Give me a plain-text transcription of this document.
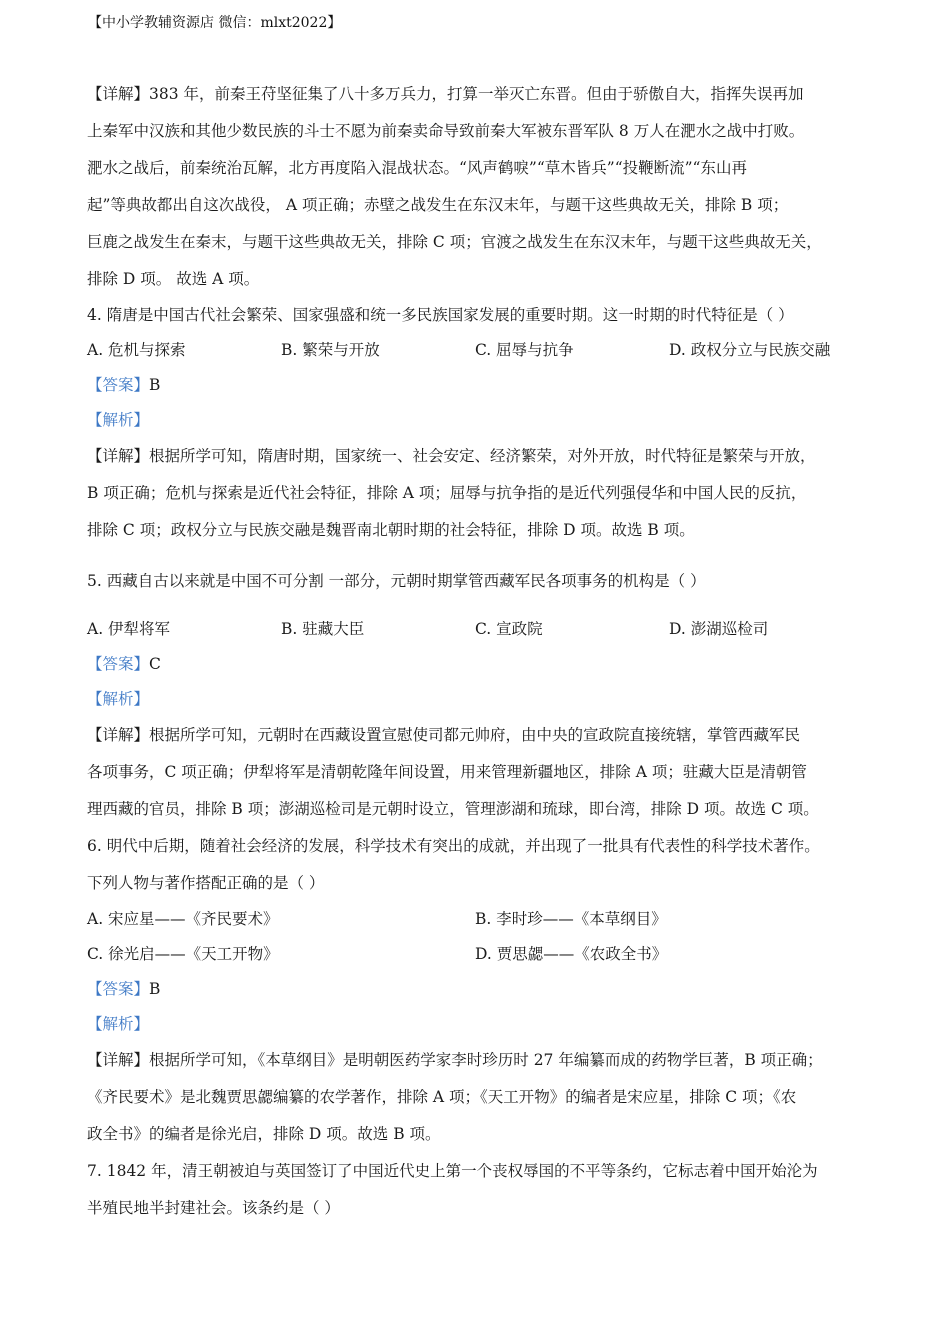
【中小学教辅资源店 微信：mlxt2022】
【详解】383 年，前秦王苻坚征集了八十多万兵力，打算一举灭亡东晋。但由于骄傲自大，指挥失误再加
上秦军中汉族和其他少数民族的斗士不愿为前秦卖命导致前秦大军被东晋军队 8 万人在淝水之战中打败。
淝水之战后，前秦统治瓦解，北方再度陷入混战状态。“风声鹤唳”“草木皆兵”“投鞭断流”“东山再
起”等典故都出自这次战役， A 项正确；赤壁之战发生在东汉末年，与题干这些典故无关，排除 B 项；
巨鹿之战发生在秦末，与题干这些典故无关，排除 C 项；官渡之战发生在东汉末年，与题干这些典故无关，
排除 D 项。 故选 A 项。
4. 隋唐是中国古代社会繁荣、国家强盛和统一多民族国家发展的重要时期。这一时期的时代特征是（ ）
A. 危机与探索	B. 繁荣与开放	C. 屈辱与抗争	D. 政权分立与民族交融
【答案】B
【解析】
【详解】根据所学可知，隋唐时期，国家统一、社会安定、经济繁荣，对外开放，时代特征是繁荣与开放，
B 项正确；危机与探索是近代社会特征，排除 A 项；屈辱与抗争指的是近代列强侵华和中国人民的反抗，
排除 C 项；政权分立与民族交融是魏晋南北朝时期的社会特征，排除 D 项。故选 B 项。
5. 西藏自古以来就是中国不可分割 一部分，元朝时期掌管西藏军民各项事务的机构是（ ）
A. 伊犁将军	B. 驻藏大臣	C. 宣政院	D. 澎湖巡检司
【答案】C
【解析】
【详解】根据所学可知，元朝时在西藏设置宣慰使司都元帅府，由中央的宣政院直接统辖，掌管西藏军民
各项事务，C 项正确；伊犁将军是清朝乾隆年间设置，用来管理新疆地区，排除 A 项；驻藏大臣是清朝管
理西藏的官员，排除 B 项；澎湖巡检司是元朝时设立，管理澎湖和琉球，即台湾，排除 D 项。故选 C 项。
6. 明代中后期，随着社会经济的发展，科学技术有突出的成就，并出现了一批具有代表性的科学技术著作。
下列人物与著作搭配正确的是（ ）
A. 宋应星——《齐民要术》	B. 李时珍——《本草纲目》
C. 徐光启——《天工开物》	D. 贾思勰——《农政全书》
【答案】B
【解析】
【详解】根据所学可知，《本草纲目》是明朝医药学家李时珍历时 27 年编纂而成的药物学巨著，B 项正确；
《齐民要术》是北魏贾思勰编纂的农学著作，排除 A 项；《天工开物》的编者是宋应星，排除 C 项；《农
政全书》的编者是徐光启，排除 D 项。故选 B 项。
7. 1842 年，清王朝被迫与英国签订了中国近代史上第一个丧权辱国的不平等条约，它标志着中国开始沦为
半殖民地半封建社会。该条约是（ ）
